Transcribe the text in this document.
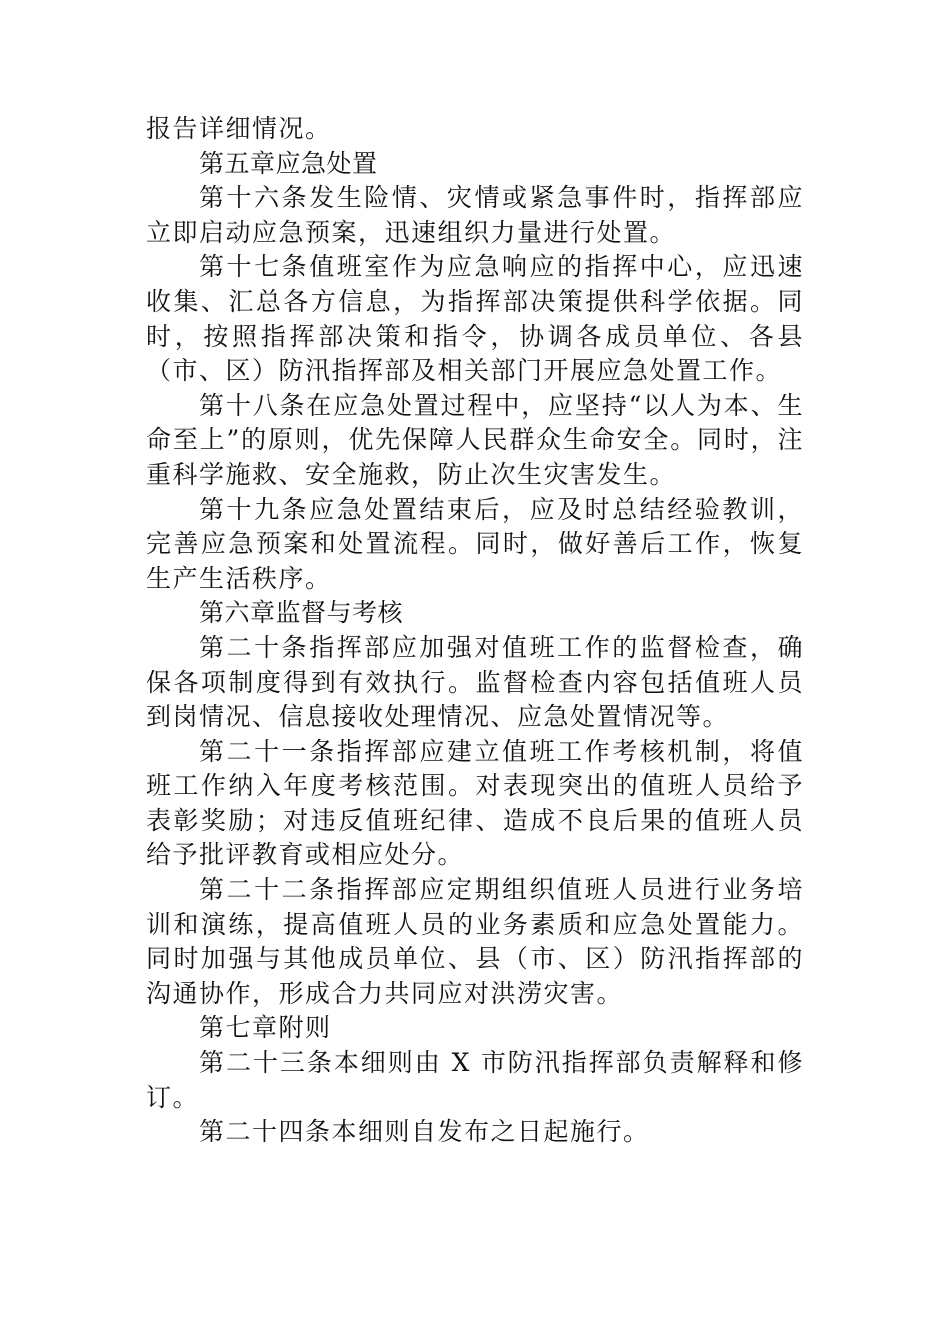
报告详细情况。

第五章应急处置

第十六条发生险情、灾情或紧急事件时，指挥部应立即启动应急预案，迅速组织力量进行处置。

第十七条值班室作为应急响应的指挥中心，应迅速收集、汇总各方信息，为指挥部决策提供科学依据。同时，按照指挥部决策和指令，协调各成员单位、各县（市、区）防汛指挥部及相关部门开展应急处置工作。

第十八条在应急处置过程中，应坚持“以人为本、生命至上”的原则，优先保障人民群众生命安全。同时，注重科学施救、安全施救，防止次生灾害发生。

第十九条应急处置结束后，应及时总结经验教训，完善应急预案和处置流程。同时，做好善后工作，恢复生产生活秩序。

第六章监督与考核

第二十条指挥部应加强对值班工作的监督检查，确保各项制度得到有效执行。监督检查内容包括值班人员到岗情况、信息接收处理情况、应急处置情况等。

第二十一条指挥部应建立值班工作考核机制，将值班工作纳入年度考核范围。对表现突出的值班人员给予表彰奖励；对违反值班纪律、造成不良后果的值班人员给予批评教育或相应处分。

第二十二条指挥部应定期组织值班人员进行业务培训和演练，提高值班人员的业务素质和应急处置能力。同时加强与其他成员单位、县（市、区）防汛指挥部的沟通协作，形成合力共同应对洪涝灾害。

第七章附则

第二十三条本细则由 X 市防汛指挥部负责解释和修订。

第二十四条本细则自发布之日起施行。
